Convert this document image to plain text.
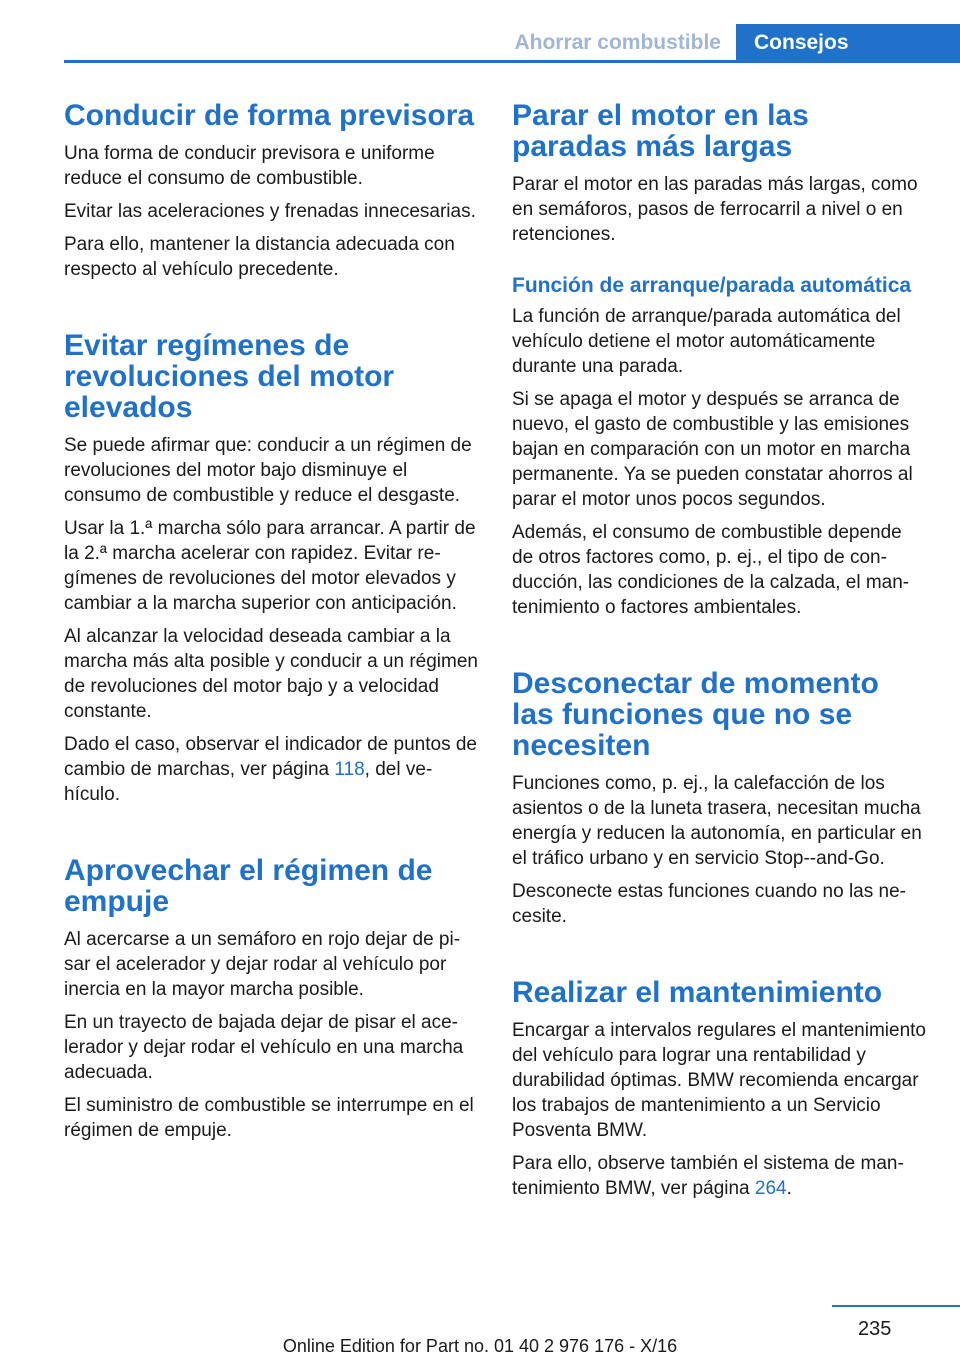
Ahorrar combustible	Consejos
Conducir de forma previsora

Una forma de conducir previsora e uniforme reduce el consumo de combustible.

Evitar las aceleraciones y frenadas innecesarias.

Para ello, mantener la distancia adecuada con respecto al vehículo precedente.

Evitar regímenes de revoluciones del motor elevados

Se puede afirmar que: conducir a un régimen de revoluciones del motor bajo disminuye el consumo de combustible y reduce el desgaste.

Usar la 1.ª marcha sólo para arrancar. A partir de la 2.ª marcha acelerar con rapidez. Evitar regímenes de revoluciones del motor elevados y cambiar a la marcha superior con anticipación.

Al alcanzar la velocidad deseada cambiar a la marcha más alta posible y conducir a un régimen de revoluciones del motor bajo y a velocidad constante.

Dado el caso, observar el indicador de puntos de cambio de marchas, ver página 118, del vehículo.

Aprovechar el régimen de empuje

Al acercarse a un semáforo en rojo dejar de pisar el acelerador y dejar rodar al vehículo por inercia en la mayor marcha posible.

En un trayecto de bajada dejar de pisar el acelerador y dejar rodar el vehículo en una marcha adecuada.

El suministro de combustible se interrumpe en el régimen de empuje.

Parar el motor en las paradas más largas

Parar el motor en las paradas más largas, como en semáforos, pasos de ferrocarril a nivel o en retenciones.

Función de arranque/parada automática

La función de arranque/parada automática del vehículo detiene el motor automáticamente durante una parada.

Si se apaga el motor y después se arranca de nuevo, el gasto de combustible y las emisiones bajan en comparación con un motor en marcha permanente. Ya se pueden constatar ahorros al parar el motor unos pocos segundos.

Además, el consumo de combustible depende de otros factores como, p. ej., el tipo de conducción, las condiciones de la calzada, el mantenimiento o factores ambientales.

Desconectar de momento las funciones que no se necesiten

Funciones como, p. ej., la calefacción de los asientos o de la luneta trasera, necesitan mucha energía y reducen la autonomía, en particular en el tráfico urbano y en servicio Stop--and-Go.

Desconecte estas funciones cuando no las necesite.

Realizar el mantenimiento

Encargar a intervalos regulares el mantenimiento del vehículo para lograr una rentabilidad y durabilidad óptimas. BMW recomienda encargar los trabajos de mantenimiento a un Servicio Posventa BMW.

Para ello, observe también el sistema de mantenimiento BMW, ver página 264.

235
Online Edition for Part no. 01 40 2 976 176 - X/16
